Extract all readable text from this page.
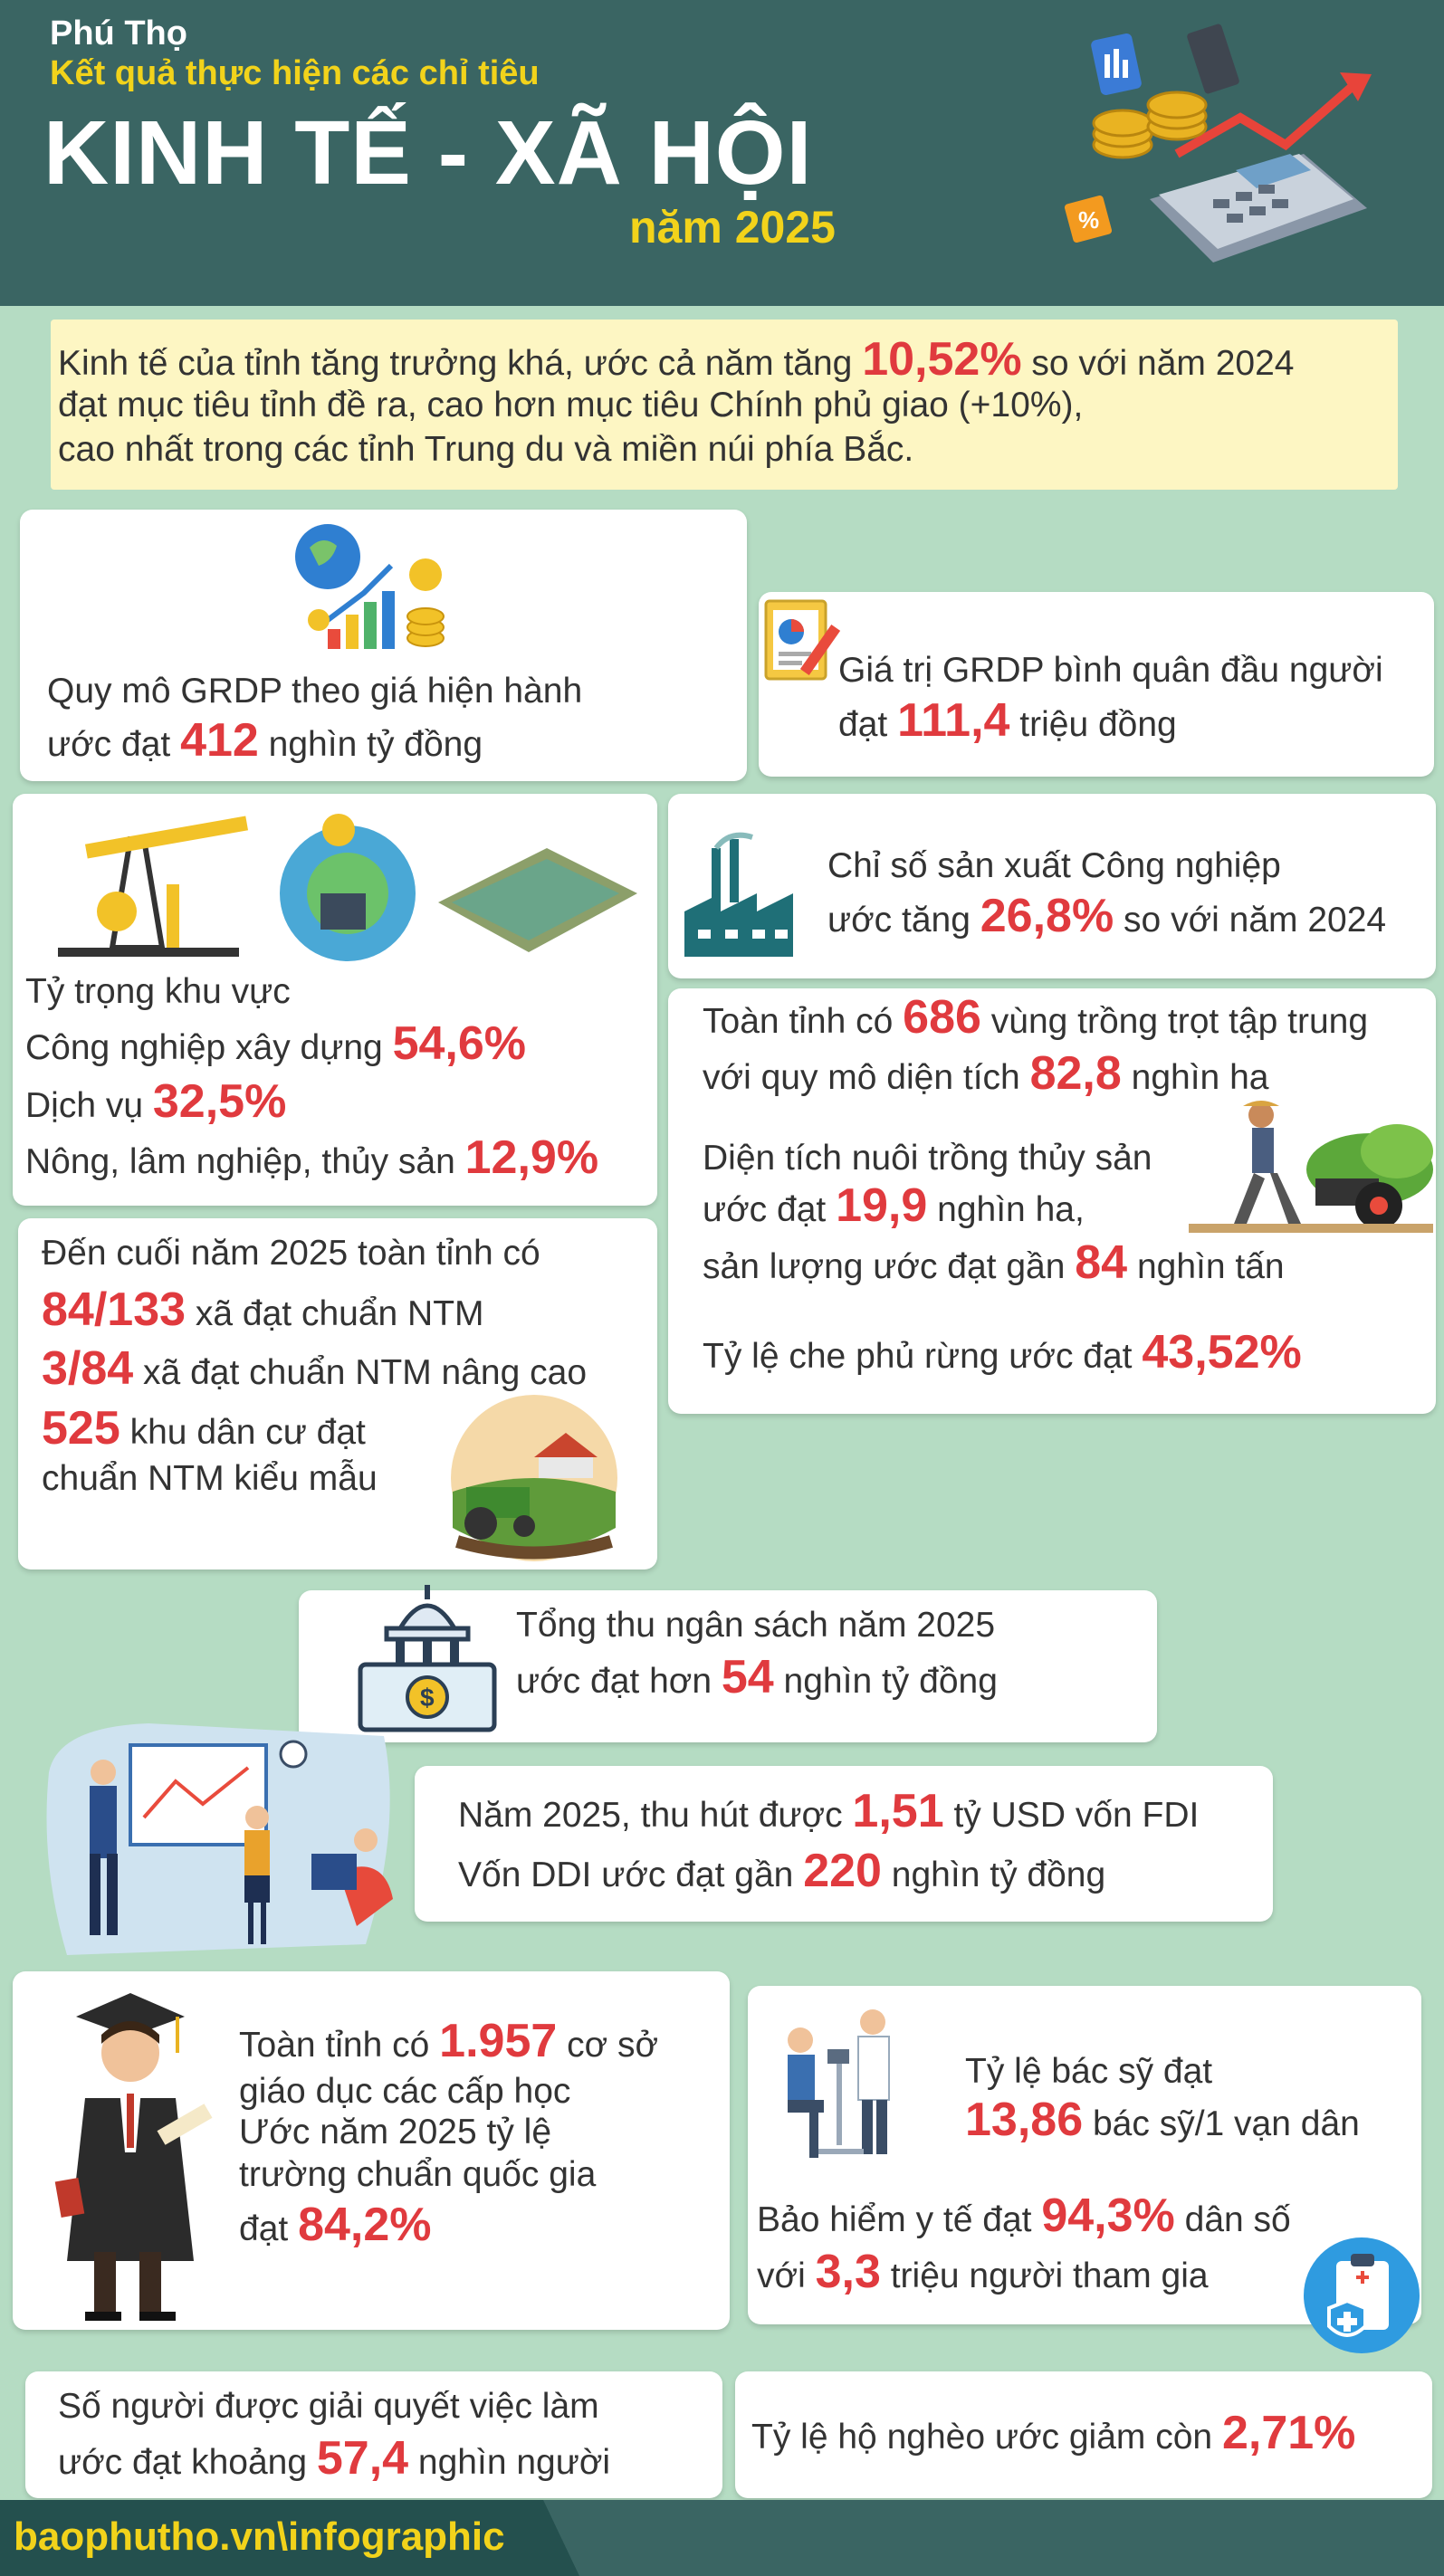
Phú Thọ
Kết quả thực hiện các chỉ tiêu
KINH TẾ - XÃ HỘI
năm 2025	%
Kinh tế của tỉnh tăng trưởng khá, ước cả năm tăng 10,52% so với năm 2024
đạt mục tiêu tỉnh đề ra, cao hơn mục tiêu Chính phủ giao (+10%),
cao nhất trong các tỉnh Trung du và miền núi phía Bắc.
Quy mô GRDP theo giá hiện hành
ước đạt 412 nghìn tỷ đồng
Giá trị GRDP bình quân đầu người
đạt 111,4 triệu đồng
Tỷ trọng khu vực
Công nghiệp xây dựng 54,6%
Dịch vụ 32,5%
Nông, lâm nghiệp, thủy sản 12,9%
Chỉ số sản xuất Công nghiệp
ước tăng 26,8% so với năm 2024
Toàn tỉnh có 686 vùng trồng trọt tập trung
với quy mô diện tích 82,8 nghìn ha
Diện tích nuôi trồng thủy sản
ước đạt 19,9 nghìn ha,
sản lượng ước đạt gần 84 nghìn tấn
Tỷ lệ che phủ rừng ước đạt 43,52%
Đến cuối năm 2025 toàn tỉnh có
84/133 xã đạt chuẩn NTM
3/84 xã đạt chuẩn NTM nâng cao
525 khu dân cư đạt
chuẩn NTM kiểu mẫu
$
Tổng thu ngân sách năm 2025
ước đạt hơn 54 nghìn tỷ đồng
Năm 2025, thu hút được 1,51 tỷ USD vốn FDI
Vốn DDI ước đạt gần 220 nghìn tỷ đồng
Toàn tỉnh có 1.957 cơ sở
giáo dục các cấp học
Ước năm 2025 tỷ lệ
trường chuẩn quốc gia
đạt 84,2%
Tỷ lệ bác sỹ đạt
13,86 bác sỹ/1 vạn dân
Bảo hiểm y tế đạt 94,3% dân số
với 3,3 triệu người tham gia
Số người được giải quyết việc làm
ước đạt khoảng 57,4 nghìn người
Tỷ lệ hộ nghèo ước giảm còn 2,71%
baophutho.vn\infographic
